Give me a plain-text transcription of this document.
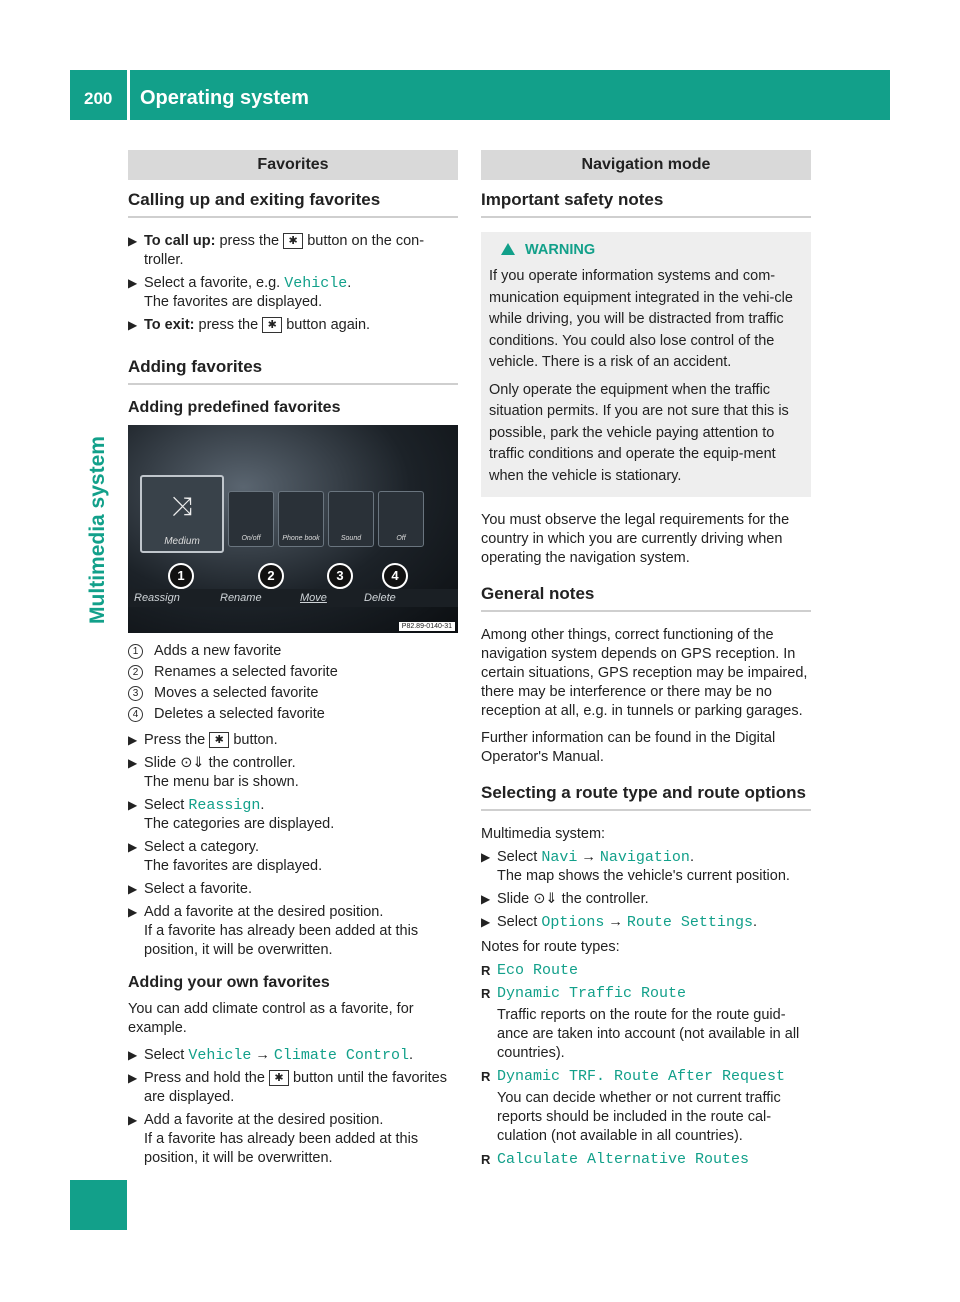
200 Operating system
Multimedia system
Favorites
Calling up and exiting favorites
▶ To call up: press the ✱ button on the con-troller.
▶ Select a favorite, e.g. Vehicle.
The favorites are displayed.
▶ To exit: press the ✱ button again.
Adding favorites
Adding predefined favorites
⤨
Medium	On/off	Phone book	Sound	Off
1	2	3	4
Reassign	Rename	Move	Delete
P82.89-0140-31
1	Adds a new favorite
2	Renames a selected favorite
3	Moves a selected favorite
4	Deletes a selected favorite
▶ Press the ✱ button.
▶ Slide ⊙⇓ the controller.
The menu bar is shown.
▶ Select Reassign.
The categories are displayed.
▶ Select a category.
The favorites are displayed.
▶ Select a favorite.
▶ Add a favorite at the desired position.
If a favorite has already been added at this position, it will be overwritten.
Adding your own favorites
You can add climate control as a favorite, for example.
▶ Select Vehicle → Climate Control.
▶ Press and hold the ✱ button until the favorites are displayed.
▶ Add a favorite at the desired position.
If a favorite has already been added at this position, it will be overwritten.
Navigation mode
Important safety notes
WARNING
If you operate information systems and com-munication equipment integrated in the vehi-cle while driving, you will be distracted from traffic conditions. You could also lose control of the vehicle. There is a risk of an accident.
Only operate the equipment when the traffic situation permits. If you are not sure that this is possible, park the vehicle paying attention to traffic conditions and operate the equip-ment when the vehicle is stationary.
You must observe the legal requirements for the country in which you are currently driving when operating the navigation system.
General notes
Among other things, correct functioning of the navigation system depends on GPS reception. In certain situations, GPS reception may be impaired, there may be interference or there may be no reception at all, e.g. in tunnels or parking garages.
Further information can be found in the Digital Operator's Manual.
Selecting a route type and route options
Multimedia system:
▶ Select Navi → Navigation.
The map shows the vehicle's current position.
▶ Slide ⊙⇓ the controller.
▶ Select Options → Route Settings.
Notes for route types:
R Eco Route
R Dynamic Traffic Route
Traffic reports on the route for the route guid-ance are taken into account (not available in all countries).
R Dynamic TRF. Route After Request
You can decide whether or not current traffic reports should be included in the route cal-culation (not available in all countries).
R Calculate Alternative Routes
